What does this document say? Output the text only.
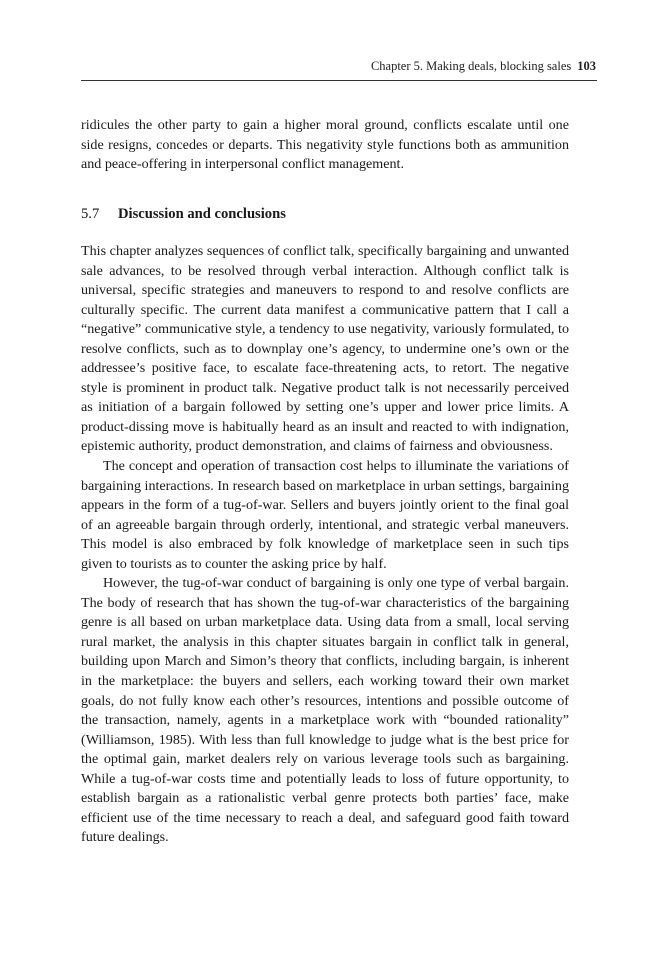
Chapter 5. Making deals, blocking sales 103

ridicules the other party to gain a higher moral ground, conflicts escalate until one side resigns, concedes or departs. This negativity style functions both as ammunition and peace-offering in interpersonal conflict management.

5.7 Discussion and conclusions

This chapter analyzes sequences of conflict talk, specifically bargaining and unwanted sale advances, to be resolved through verbal interaction. Although conflict talk is universal, specific strategies and maneuvers to respond to and resolve conflicts are culturally specific. The current data manifest a communicative pattern that I call a “negative” communicative style, a tendency to use negativity, variously formulated, to resolve conflicts, such as to downplay one’s agency, to undermine one’s own or the addressee’s positive face, to escalate face-threatening acts, to retort. The negative style is prominent in product talk. Negative product talk is not necessarily perceived as initiation of a bargain followed by setting one’s upper and lower price limits. A product-dissing move is habitually heard as an insult and reacted to with indignation, epistemic authority, product demonstration, and claims of fairness and obviousness.

The concept and operation of transaction cost helps to illuminate the variations of bargaining interactions. In research based on marketplace in urban settings, bargaining appears in the form of a tug-of-war. Sellers and buyers jointly orient to the final goal of an agreeable bargain through orderly, intentional, and strategic verbal maneuvers. This model is also embraced by folk knowledge of marketplace seen in such tips given to tourists as to counter the asking price by half.

However, the tug-of-war conduct of bargaining is only one type of verbal bargain. The body of research that has shown the tug-of-war characteristics of the bargaining genre is all based on urban marketplace data. Using data from a small, local serving rural market, the analysis in this chapter situates bargain in conflict talk in general, building upon March and Simon’s theory that conflicts, including bargain, is inherent in the marketplace: the buyers and sellers, each working toward their own market goals, do not fully know each other’s resources, intentions and possible outcome of the transaction, namely, agents in a marketplace work with “bounded rationality” (Williamson, 1985). With less than full knowledge to judge what is the best price for the optimal gain, market dealers rely on various leverage tools such as bargaining. While a tug-of-war costs time and potentially leads to loss of future opportunity, to establish bargain as a rationalistic verbal genre protects both parties’ face, make efficient use of the time necessary to reach a deal, and safeguard good faith toward future dealings.
